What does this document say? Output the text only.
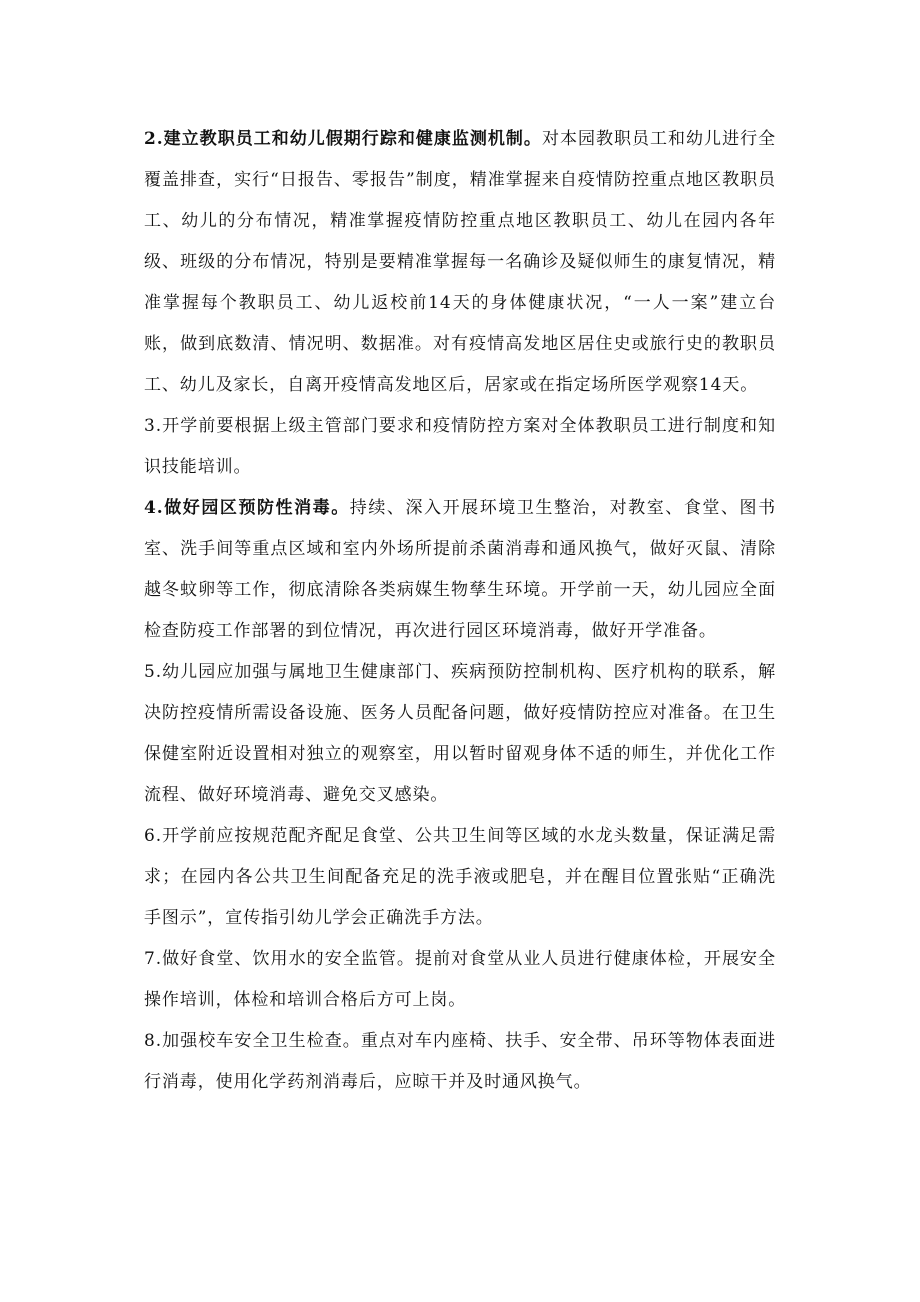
2.建立教职员工和幼儿假期行踪和健康监测机制。对本园教职员工和幼儿进行全覆盖排查，实行“日报告、零报告”制度，精准掌握来自疫情防控重点地区教职员工、幼儿的分布情况，精准掌握疫情防控重点地区教职员工、幼儿在园内各年级、班级的分布情况，特别是要精准掌握每一名确诊及疑似师生的康复情况，精准掌握每个教职员工、幼儿返校前14天的身体健康状况，“一人一案”建立台账，做到底数清、情况明、数据准。对有疫情高发地区居住史或旅行史的教职员工、幼儿及家长，自离开疫情高发地区后，居家或在指定场所医学观察14天。

3.开学前要根据上级主管部门要求和疫情防控方案对全体教职员工进行制度和知识技能培训。

4.做好园区预防性消毒。持续、深入开展环境卫生整治，对教室、食堂、图书室、洗手间等重点区域和室内外场所提前杀菌消毒和通风换气，做好灭鼠、清除越冬蚊卵等工作，彻底清除各类病媒生物孳生环境。开学前一天，幼儿园应全面检查防疫工作部署的到位情况，再次进行园区环境消毒，做好开学准备。

5.幼儿园应加强与属地卫生健康部门、疾病预防控制机构、医疗机构的联系，解决防控疫情所需设备设施、医务人员配备问题，做好疫情防控应对准备。在卫生保健室附近设置相对独立的观察室，用以暂时留观身体不适的师生，并优化工作流程、做好环境消毒、避免交叉感染。

6.开学前应按规范配齐配足食堂、公共卫生间等区域的水龙头数量，保证满足需求；在园内各公共卫生间配备充足的洗手液或肥皂，并在醒目位置张贴“正确洗手图示”，宣传指引幼儿学会正确洗手方法。

7.做好食堂、饮用水的安全监管。提前对食堂从业人员进行健康体检，开展安全操作培训，体检和培训合格后方可上岗。

8.加强校车安全卫生检查。重点对车内座椅、扶手、安全带、吊环等物体表面进行消毒，使用化学药剂消毒后，应晾干并及时通风换气。
